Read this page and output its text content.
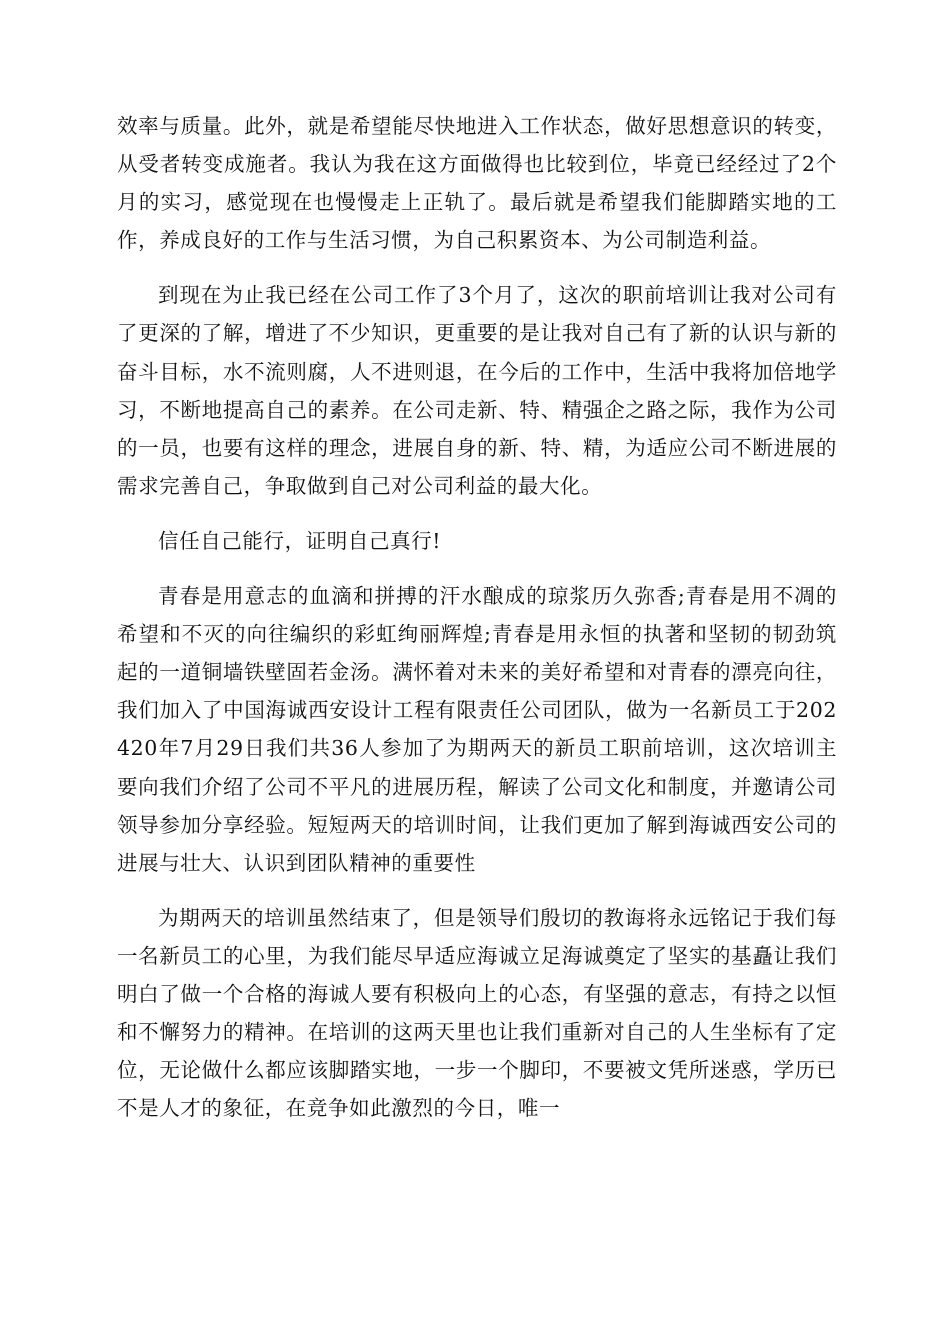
效率与质量。此外，就是希望能尽快地进入工作状态，做好思想意识的转变，从受者转变成施者。我认为我在这方面做得也比较到位，毕竟已经经过了2个月的实习，感觉现在也慢慢走上正轨了。最后就是希望我们能脚踏实地的工作，养成良好的工作与生活习惯，为自己积累资本、为公司制造利益。

到现在为止我已经在公司工作了3个月了，这次的职前培训让我对公司有了更深的了解，增进了不少知识，更重要的是让我对自己有了新的认识与新的奋斗目标，水不流则腐，人不进则退，在今后的工作中，生活中我将加倍地学习，不断地提高自己的素养。在公司走新、特、精强企之路之际，我作为公司的一员，也要有这样的理念，进展自身的新、特、精，为适应公司不断进展的需求完善自己，争取做到自己对公司利益的最大化。

信任自己能行，证明自己真行!

青春是用意志的血滴和拼搏的汗水酿成的琼浆历久弥香;青春是用不凋的希望和不灭的向往编织的彩虹绚丽辉煌;青春是用永恒的执著和坚韧的韧劲筑起的一道铜墙铁壁固若金汤。满怀着对未来的美好希望和对青春的漂亮向往，我们加入了中国海诚西安设计工程有限责任公司团队，做为一名新员工于202420年7月29日我们共36人参加了为期两天的新员工职前培训，这次培训主要向我们介绍了公司不平凡的进展历程，解读了公司文化和制度，并邀请公司领导参加分享经验。短短两天的培训时间，让我们更加了解到海诚西安公司的进展与壮大、认识到团队精神的重要性

为期两天的培训虽然结束了，但是领导们殷切的教诲将永远铭记于我们每一名新员工的心里，为我们能尽早适应海诚立足海诚奠定了坚实的基矗让我们明白了做一个合格的海诚人要有积极向上的心态，有坚强的意志，有持之以恒和不懈努力的精神。在培训的这两天里也让我们重新对自己的人生坐标有了定位，无论做什么都应该脚踏实地，一步一个脚印，不要被文凭所迷惑，学历已不是人才的象征，在竞争如此激烈的今日，唯一
